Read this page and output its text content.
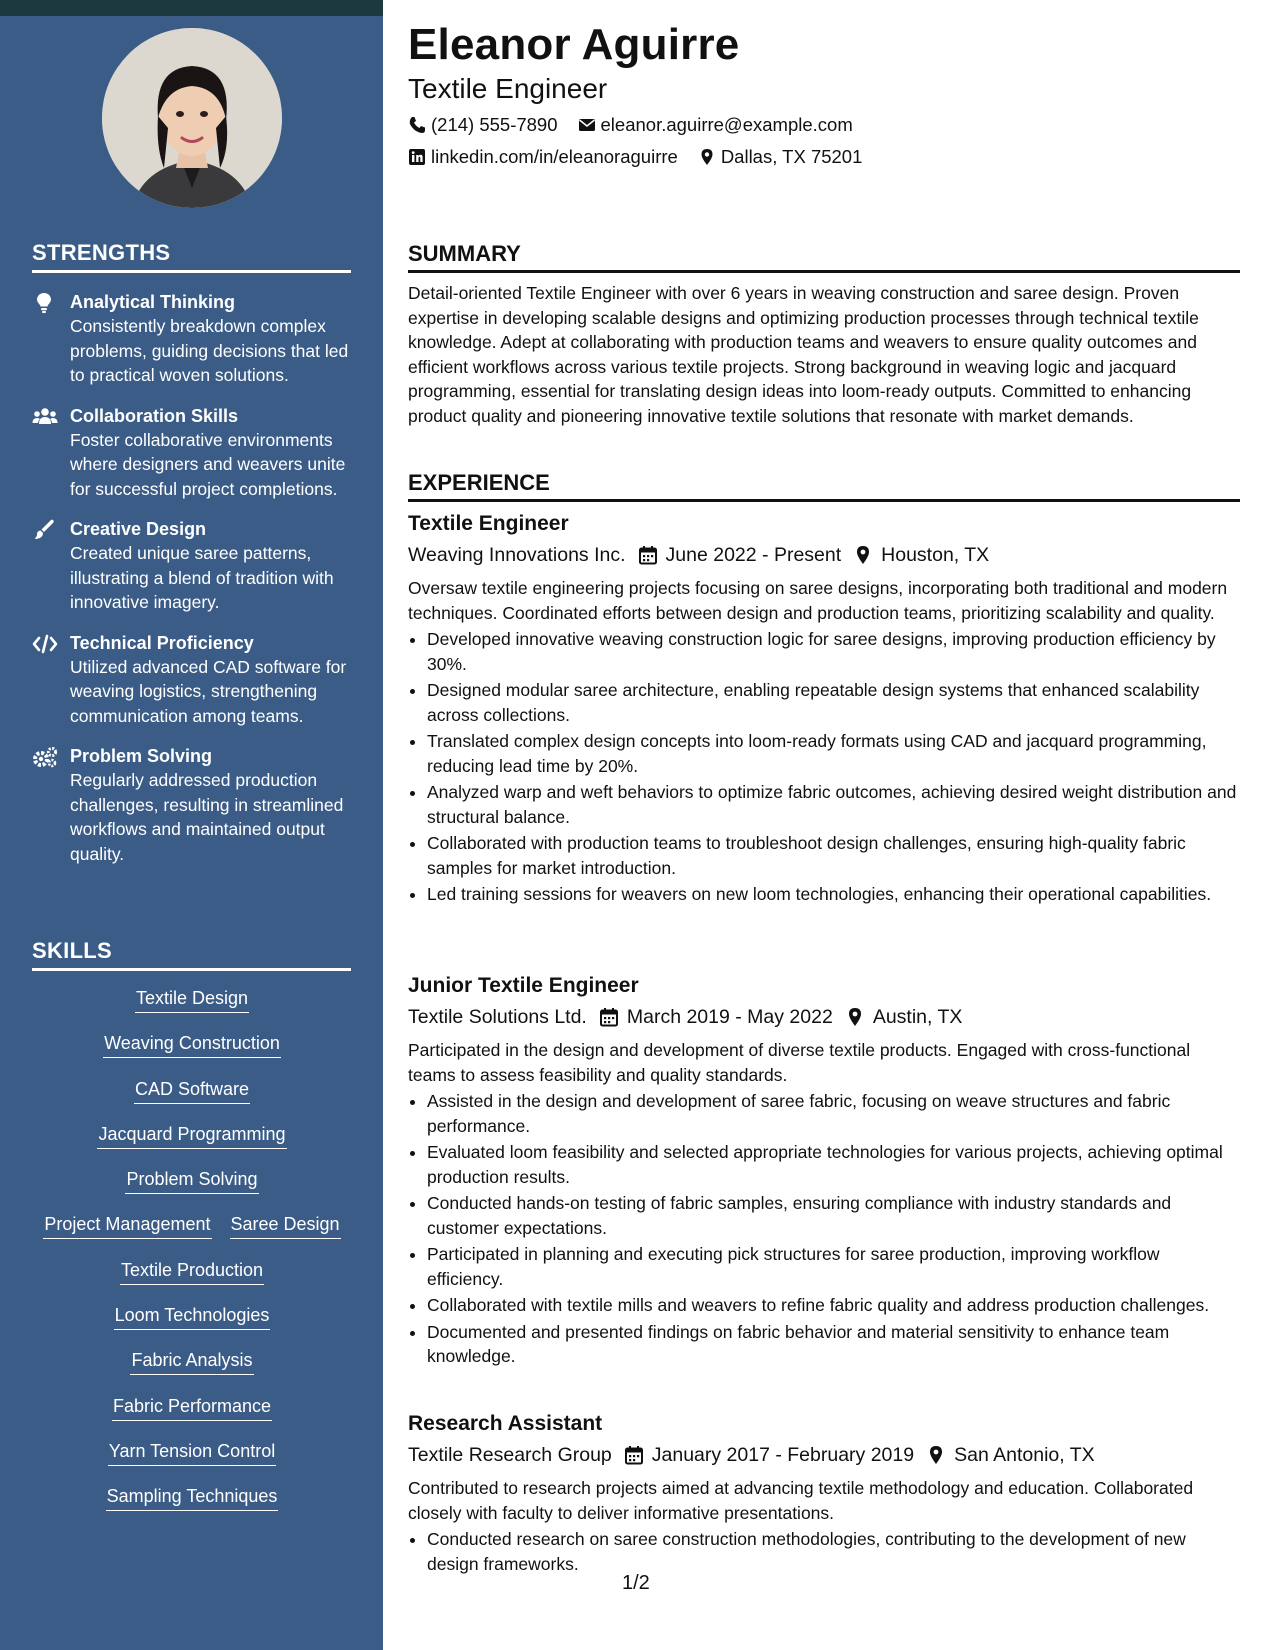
STRENGTHS
Analytical Thinking
Consistently breakdown complex problems, guiding decisions that led to practical woven solutions.
Collaboration Skills
Foster collaborative environments where designers and weavers unite for successful project completions.
Creative Design
Created unique saree patterns, illustrating a blend of tradition with innovative imagery.
Technical Proficiency
Utilized advanced CAD software for weaving logistics, strengthening communication among teams.
Problem Solving
Regularly addressed production challenges, resulting in streamlined workflows and maintained output quality.
SKILLS
Textile Design
Weaving Construction
CAD Software
Jacquard Programming
Problem Solving
Project Management Saree Design
Textile Production
Loom Technologies
Fabric Analysis
Fabric Performance
Yarn Tension Control
Sampling Techniques
Eleanor Aguirre
Textile Engineer
(214) 555-7890 eleanor.aguirre@example.com
linkedin.com/in/eleanoraguirre Dallas, TX 75201
SUMMARY
Detail-oriented Textile Engineer with over 6 years in weaving construction and saree design. Proven expertise in developing scalable designs and optimizing production processes through technical textile knowledge. Adept at collaborating with production teams and weavers to ensure quality outcomes and efficient workflows across various textile projects. Strong background in weaving logic and jacquard programming, essential for translating design ideas into loom-ready outputs. Committed to enhancing product quality and pioneering innovative textile solutions that resonate with market demands.
EXPERIENCE
Textile Engineer
Weaving Innovations Inc. June 2022 - Present Houston, TX
Oversaw textile engineering projects focusing on saree designs, incorporating both traditional and modern techniques. Coordinated efforts between design and production teams, prioritizing scalability and quality.
• Developed innovative weaving construction logic for saree designs, improving production efficiency by 30%.
• Designed modular saree architecture, enabling repeatable design systems that enhanced scalability across collections.
• Translated complex design concepts into loom-ready formats using CAD and jacquard programming, reducing lead time by 20%.
• Analyzed warp and weft behaviors to optimize fabric outcomes, achieving desired weight distribution and structural balance.
• Collaborated with production teams to troubleshoot design challenges, ensuring high-quality fabric samples for market introduction.
• Led training sessions for weavers on new loom technologies, enhancing their operational capabilities.
Junior Textile Engineer
Textile Solutions Ltd. March 2019 - May 2022 Austin, TX
Participated in the design and development of diverse textile products. Engaged with cross-functional teams to assess feasibility and quality standards.
• Assisted in the design and development of saree fabric, focusing on weave structures and fabric performance.
• Evaluated loom feasibility and selected appropriate technologies for various projects, achieving optimal production results.
• Conducted hands-on testing of fabric samples, ensuring compliance with industry standards and customer expectations.
• Participated in planning and executing pick structures for saree production, improving workflow efficiency.
• Collaborated with textile mills and weavers to refine fabric quality and address production challenges.
• Documented and presented findings on fabric behavior and material sensitivity to enhance team knowledge.
Research Assistant
Textile Research Group January 2017 - February 2019 San Antonio, TX
Contributed to research projects aimed at advancing textile methodology and education. Collaborated closely with faculty to deliver informative presentations.
• Conducted research on saree construction methodologies, contributing to the development of new design frameworks.
1/2
